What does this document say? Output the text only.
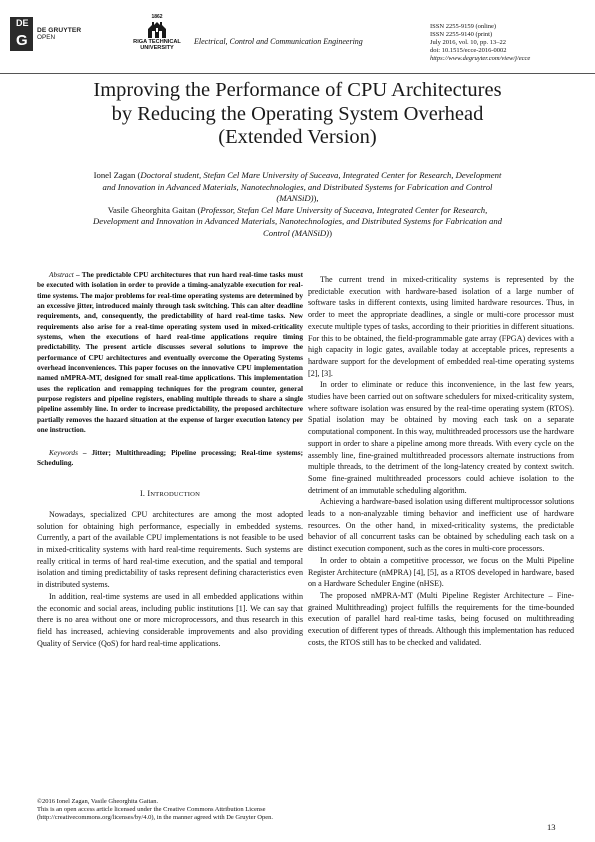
DE
G
DE GRUYTER
OPEN
1862
RIGA TECHNICAL
UNIVERSITY
Electrical, Control and Communication Engineering
ISSN 2255-9159 (online)
ISSN 2255-9140 (print)
July 2016, vol. 10, pp. 13–22
doi: 10.1515/ecce-2016-0002
https://www.degruyter.com/view/j/ecce
Improving the Performance of CPU Architectures
by Reducing the Operating System Overhead
(Extended Version)
Ionel Zagan (Doctoral student, Stefan Cel Mare University of Suceava, Integrated Center for Research, Development
and Innovation in Advanced Materials, Nanotechnologies, and Distributed Systems for Fabrication and Control
(MANSiD)),
Vasile Gheorghita Gaitan (Professor, Stefan Cel Mare University of Suceava, Integrated Center for Research,
Development and Innovation in Advanced Materials, Nanotechnologies, and Distributed Systems for Fabrication and
Control (MANSiD))

Abstract – The predictable CPU architectures that run hard real-time tasks must be executed with isolation in order to provide a timing-analyzable execution for real-time systems. The major problems for real-time operating systems are determined by an excessive jitter, introduced mainly through task switching. This can alter deadline requirements, and, consequently, the predictability of hard real-time tasks. New requirements also arise for a real-time operating system used in mixed-criticality systems, when the executions of hard real-time applications require timing predictability. The present article discusses several solutions to improve the performance of CPU architectures and eventually overcome the Operating Systems overhead inconveniences. This paper focuses on the innovative CPU implementation named nMPRA-MT, designed for small real-time applications. This implementation uses the replication and remapping techniques for the program counter, general purpose registers and pipeline registers, enabling multiple threads to share a single pipeline assembly line. In order to increase predictability, the proposed architecture partially removes the hazard situation at the expense of larger execution latency per one instruction.

Keywords – Jitter; Multithreading; Pipeline processing; Real-time systems; Scheduling.

I. INTRODUCTION

Nowadays, specialized CPU architectures are among the most adopted solution for obtaining high performance, especially in embedded systems. Currently, a part of the available CPU implementations is not feasible to be used in mixed-criticality systems with hard real-time requirements. Such systems are really critical in terms of hard real-time execution, and the spatial and temporal isolation and timing predictability of tasks represent defining characteristics even in distributed systems.

In addition, real-time systems are used in all embedded applications within the economic and social areas, including public institutions [1]. We can say that there is no area without one or more microprocessors, and thus research in this field has increased, achieving considerable improvements and also providing Quality of Service (QoS) for hard real-time applications.

The current trend in mixed-criticality systems is represented by the predictable execution with hardware-based isolation of a large number of software tasks in different contexts, using limited hardware resources. Thus, in order to meet the appropriate deadlines, a single or multi-core processor must execute multiple types of tasks, according to their priorities in different situations. For this to be obtained, the field-programmable gate array (FPGA) devices with a high capacity in logic gates, available today at acceptable prices, represents a hardware support for the development of embedded real-time operating systems [2], [3].

In order to eliminate or reduce this inconvenience, in the last few years, studies have been carried out on software schedulers for mixed-criticality system, where software isolation was ensured by the real-time operating system (RTOS). Spatial isolation may be obtained by moving each task on a separate computational component. In this way, multithreaded processors use the hardware support in order to share a pipeline among more threads. With every cycle on the assembly line, fine-grained multithreaded processors alternate instructions from multiple threads, to the detriment of the long-latency created by context switch. Some fine-grained multithreaded processors could achieve isolation to the detriment of an immutable scheduling algorithm.

Achieving a hardware-based isolation using different multiprocessor solutions leads to a non-analyzable timing behavior and inefficient use of hardware resources. On the other hand, in mixed-criticality systems, the predictable behavior of all concurrent tasks can be obtained by scheduling each task on a distinct execution component, such as the cores in multi-core processors.

In order to obtain a competitive processor, we focus on the Multi Pipeline Register Architecture (nMPRA) [4], [5], as a RTOS developed in hardware, based on a Hardware Scheduler Engine (nHSE).

The proposed nMPRA-MT (Multi Pipeline Register Architecture – Fine-grained Multithreading) project fulfills the requirements for the time-bounded execution of parallel hard real-time tasks, being focused on multithreading execution of different types of threads. Although this implementation has reduced costs, the RTOS still has to be checked and validated.

©2016 Ionel Zagan, Vasile Gheorghita Gaitan.
This is an open access article licensed under the Creative Commons Attribution License
(http://creativecommons.org/licenses/by/4.0), in the manner agreed with De Gruyter Open.
13
